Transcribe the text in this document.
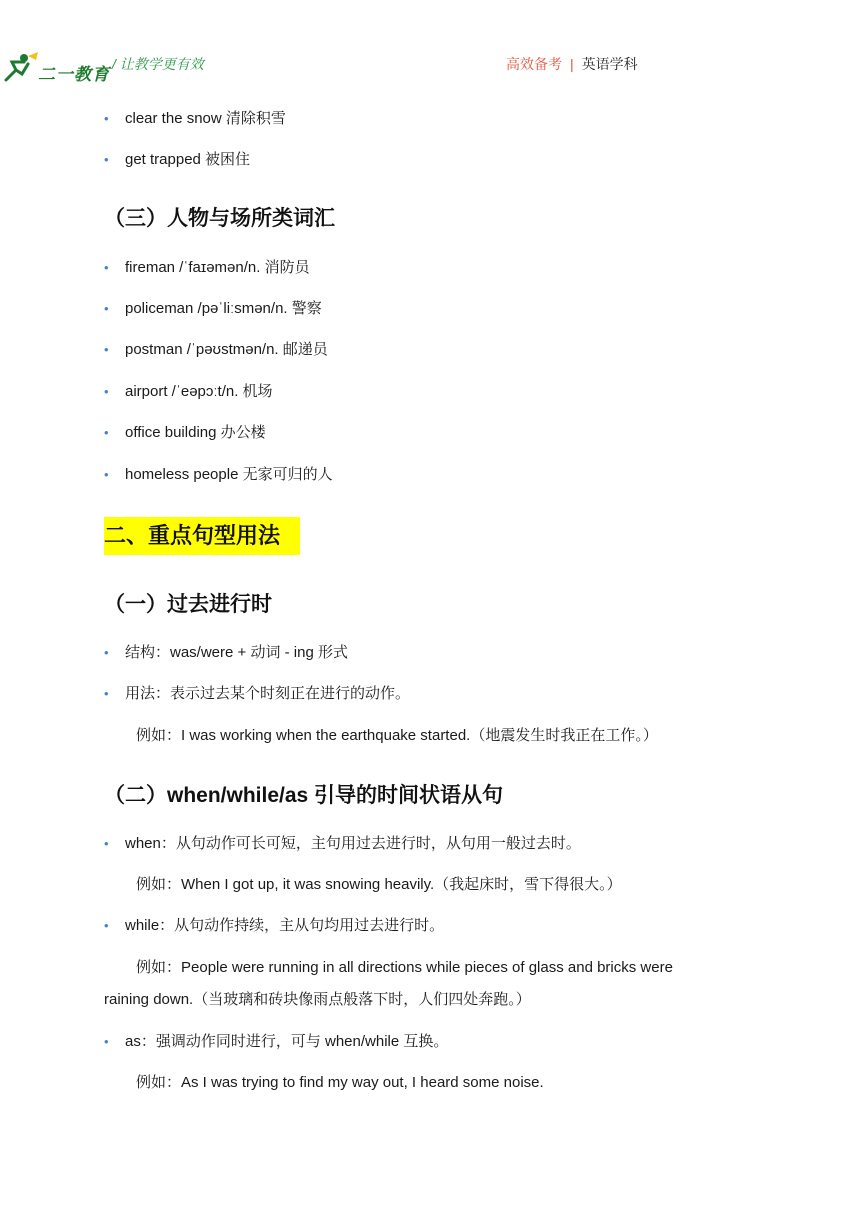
二一教育
/ 让教学更有效	高效备考 | 英语学科
• clear the snow 清除积雪
• get trapped 被困住
（三）人物与场所类词汇
• fireman /ˈfaɪəmən/n. 消防员
• policeman /pəˈliːsmən/n. 警察
• postman /ˈpəʊstmən/n. 邮递员
• airport /ˈeəpɔːt/n. 机场
• office building 办公楼
• homeless people 无家可归的人
二、重点句型用法
（一）过去进行时
• 结构：was/were + 动词 - ing 形式
• 用法：表示过去某个时刻正在进行的动作。
例如：I was working when the earthquake started.（地震发生时我正在工作。）
（二）when/while/as 引导的时间状语从句
• when：从句动作可长可短，主句用过去进行时，从句用一般过去时。
例如：When I got up, it was snowing heavily.（我起床时，雪下得很大。）
• while：从句动作持续，主从句均用过去进行时。
例如：People were running in all directions while pieces of glass and bricks were
raining down.（当玻璃和砖块像雨点般落下时，人们四处奔跑。）
• as：强调动作同时进行，可与 when/while 互换。
例如：As I was trying to find my way out, I heard some noise.
